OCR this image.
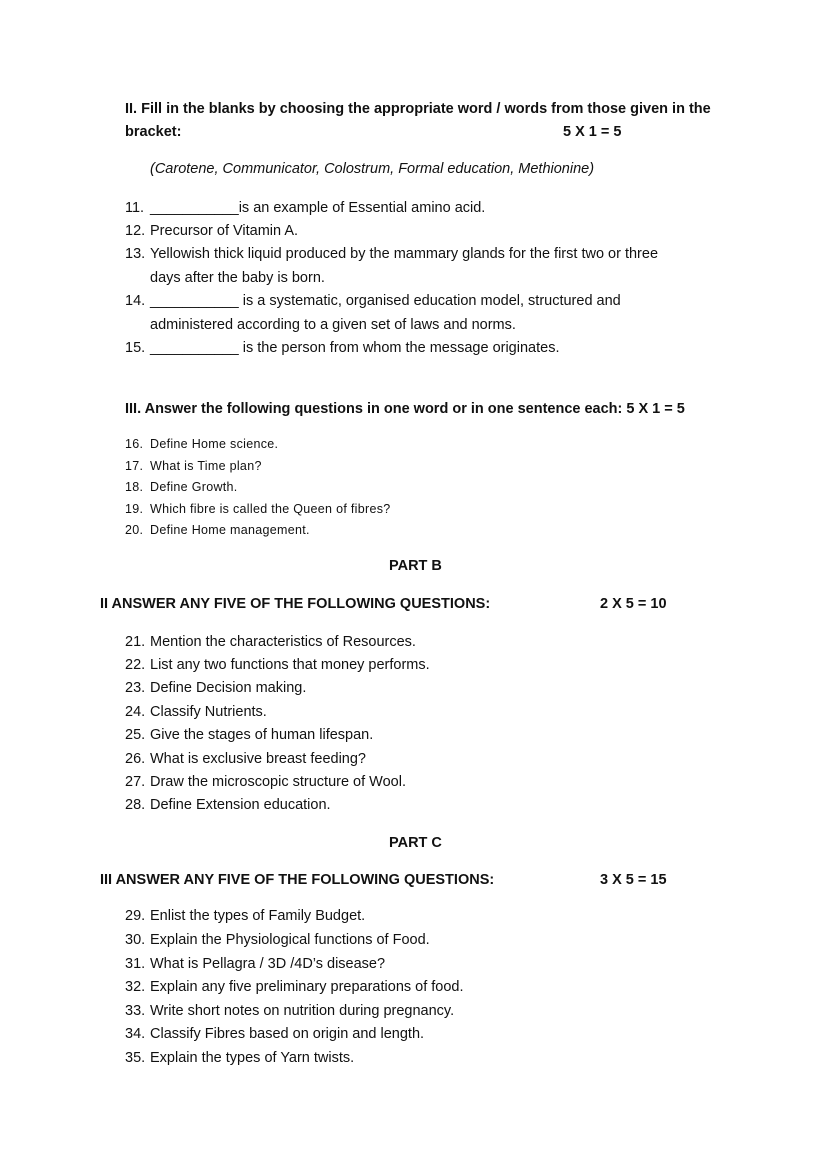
II. Fill in the blanks by choosing the appropriate word / words from those given in the
bracket:	5 X 1 = 5
(Carotene, Communicator, Colostrum, Formal education, Methionine)
11. ___________is an example of Essential amino acid.
12. Precursor of Vitamin A.
13. Yellowish thick liquid produced by the mammary glands for the first two or three
days after the baby is born.
14. ___________ is a systematic, organised education model, structured and
administered according to a given set of laws and norms.
15. ___________ is the person from whom the message originates.
III. Answer the following questions in one word or in one sentence each: 5 X 1 = 5
16. Define Home science.
17. What is Time plan?
18. Define Growth.
19. Which fibre is called the Queen of fibres?
20. Define Home management.
PART B
II ANSWER ANY FIVE OF THE FOLLOWING QUESTIONS:	2 X 5 = 10
21. Mention the characteristics of Resources.
22. List any two functions that money performs.
23. Define Decision making.
24. Classify Nutrients.
25. Give the stages of human lifespan.
26. What is exclusive breast feeding?
27. Draw the microscopic structure of Wool.
28. Define Extension education.
PART C
III ANSWER ANY FIVE OF THE FOLLOWING QUESTIONS:	3 X 5 = 15
29. Enlist the types of Family Budget.
30. Explain the Physiological functions of Food.
31. What is Pellagra / 3D /4D’s disease?
32. Explain any five preliminary preparations of food.
33. Write short notes on nutrition during pregnancy.
34. Classify Fibres based on origin and length.
35. Explain the types of Yarn twists.
